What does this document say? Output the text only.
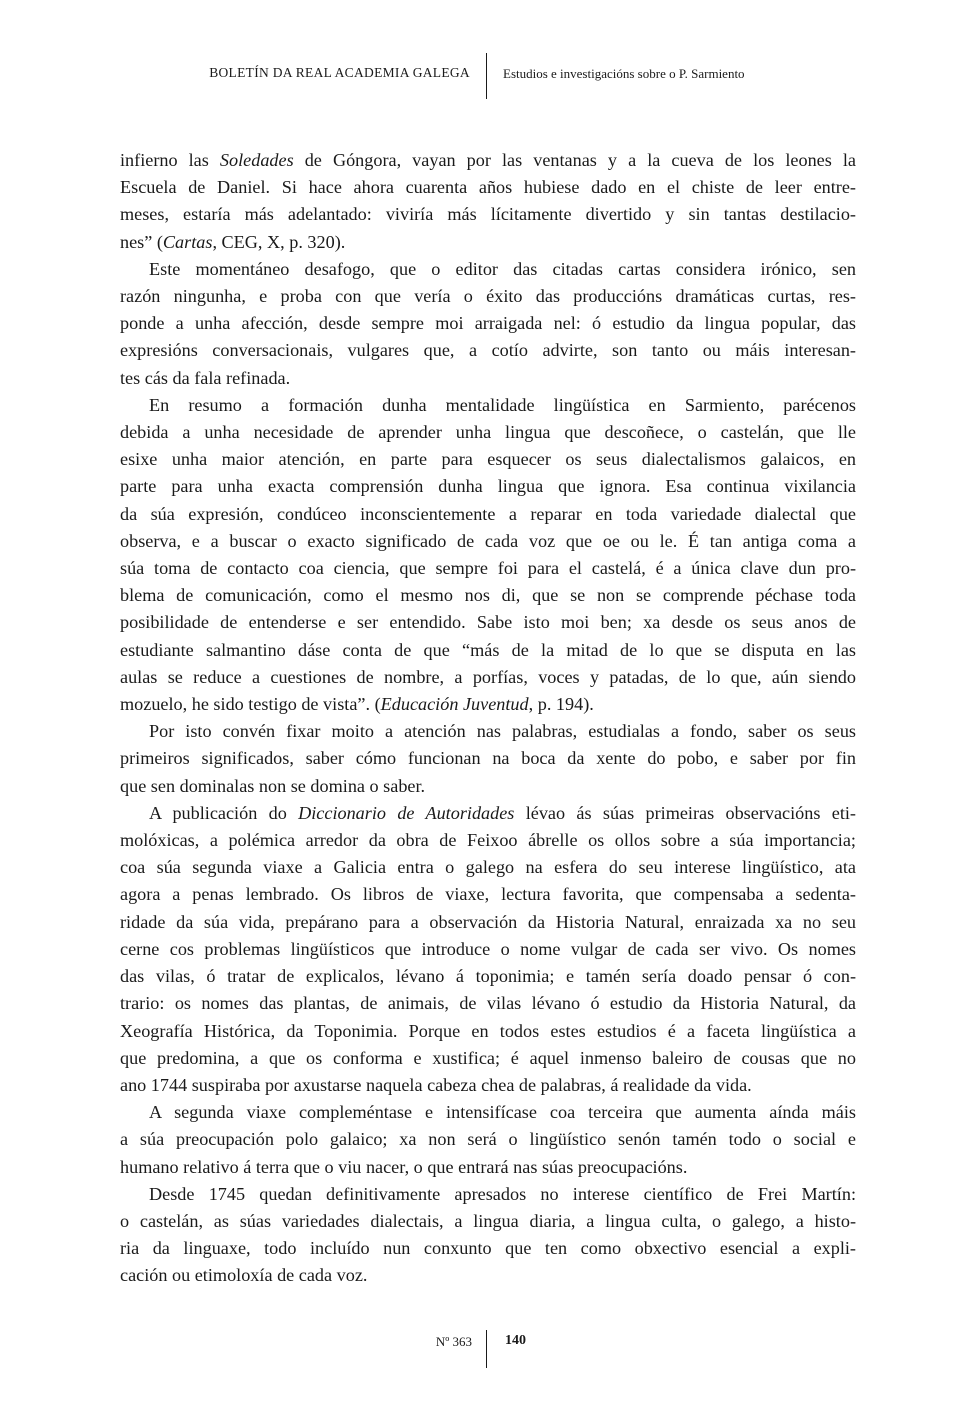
BOLETÍN DA REAL ACADEMIA GALEGA	Estudios e investigacións sobre o P. Sarmiento
infierno las Soledades de Góngora, vayan por las ventanas y a la cueva de los leones la
Escuela de Daniel. Si hace ahora cuarenta años hubiese dado en el chiste de leer entre-
meses, estaría más adelantado: viviría más lícitamente divertido y sin tantas destilacio-
nes” (Cartas, CEG, X, p. 320).
Este momentáneo desafogo, que o editor das citadas cartas considera irónico, sen
razón ningunha, e proba con que vería o éxito das produccións dramáticas curtas, res-
ponde a unha afección, desde sempre moi arraigada nel: ó estudio da lingua popular, das
expresións conversacionais, vulgares que, a cotío advirte, son tanto ou máis interesan-
tes cás da fala refinada.
En resumo a formación dunha mentalidade lingüística en Sarmiento, parécenos
debida a unha necesidade de aprender unha lingua que descoñece, o castelán, que lle
esixe unha maior atención, en parte para esquecer os seus dialectalismos galaicos, en
parte para unha exacta comprensión dunha lingua que ignora. Esa continua vixilancia
da súa expresión, condúceo inconscientemente a reparar en toda variedade dialectal que
observa, e a buscar o exacto significado de cada voz que oe ou le. É tan antiga coma a
súa toma de contacto coa ciencia, que sempre foi para el castelá, é a única clave dun pro-
blema de comunicación, como el mesmo nos di, que se non se comprende péchase toda
posibilidade de entenderse e ser entendido. Sabe isto moi ben; xa desde os seus anos de
estudiante salmantino dáse conta de que “más de la mitad de lo que se disputa en las
aulas se reduce a cuestiones de nombre, a porfías, voces y patadas, de lo que, aún siendo
mozuelo, he sido testigo de vista”. (Educación Juventud, p. 194).
Por isto convén fixar moito a atención nas palabras, estudialas a fondo, saber os seus
primeiros significados, saber cómo funcionan na boca da xente do pobo, e saber por fin
que sen dominalas non se domina o saber.
A publicación do Diccionario de Autoridades lévao ás súas primeiras observacións eti-
molóxicas, a polémica arredor da obra de Feixoo ábrelle os ollos sobre a súa importancia;
coa súa segunda viaxe a Galicia entra o galego na esfera do seu interese lingüístico, ata
agora a penas lembrado. Os libros de viaxe, lectura favorita, que compensaba a sedenta-
ridade da súa vida, prepárano para a observación da Historia Natural, enraizada xa no seu
cerne cos problemas lingüísticos que introduce o nome vulgar de cada ser vivo. Os nomes
das vilas, ó tratar de explicalos, lévano á toponimia; e tamén sería doado pensar ó con-
trario: os nomes das plantas, de animais, de vilas lévano ó estudio da Historia Natural, da
Xeografía Histórica, da Toponimia. Porque en todos estes estudios é a faceta lingüística a
que predomina, a que os conforma e xustifica; é aquel inmenso baleiro de cousas que no
ano 1744 suspiraba por axustarse naquela cabeza chea de palabras, á realidade da vida.
A segunda viaxe compleméntase e intensifícase coa terceira que aumenta aínda máis
a súa preocupación polo galaico; xa non será o lingüístico senón tamén todo o social e
humano relativo á terra que o viu nacer, o que entrará nas súas preocupacións.
Desde 1745 quedan definitivamente apresados no interese científico de Frei Martín:
o castelán, as súas variedades dialectais, a lingua diaria, a lingua culta, o galego, a histo-
ria da linguaxe, todo incluído nun conxunto que ten como obxectivo esencial a expli-
cación ou etimoloxía de cada voz.
Nº 363 140
